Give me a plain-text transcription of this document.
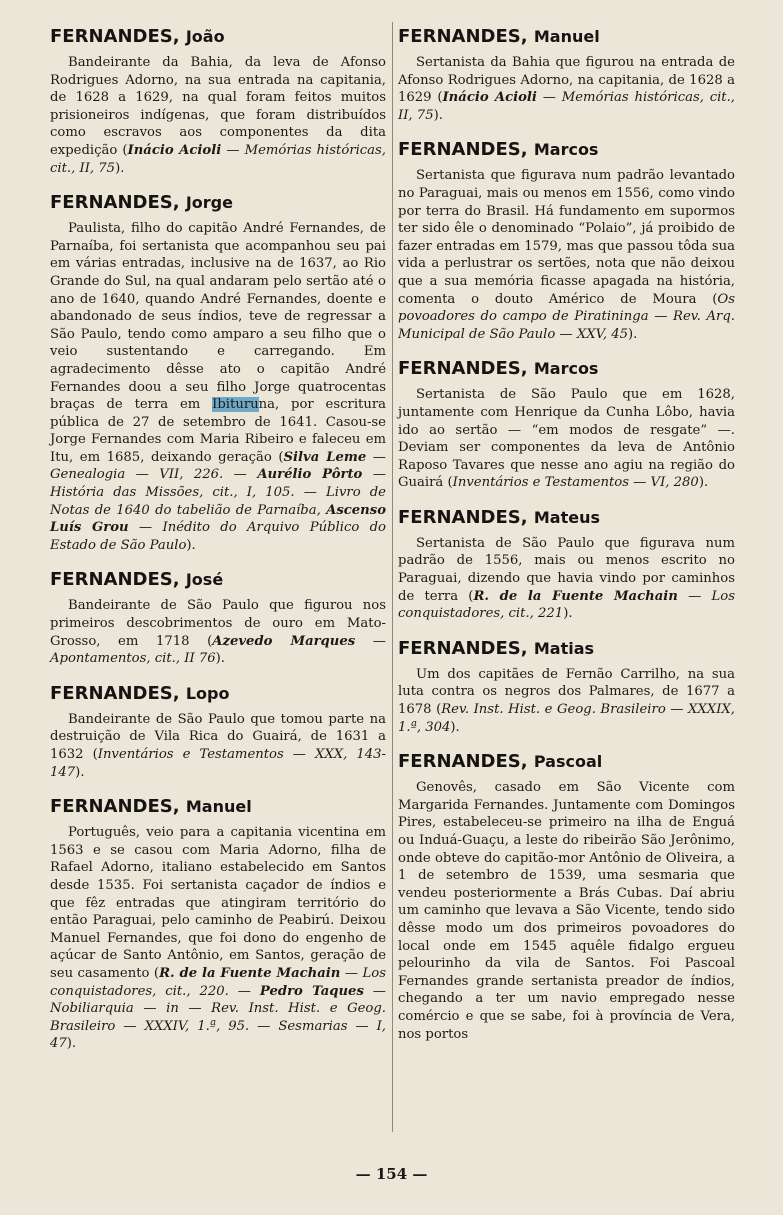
FERNANDES, João

Bandeirante da Bahia, da leva de Afonso Rodrigues Adorno, na sua entrada na capitania, de 1628 a 1629, na qual foram feitos muitos prisioneiros indígenas, que foram distribuídos como escravos aos componentes da dita expedição (Inácio Acioli — Memórias históricas, cit., II, 75).

FERNANDES, Jorge

Paulista, filho do capitão André Fernandes, de Parnaíba, foi sertanista que acompanhou seu pai em várias entradas, inclusive na de 1637, ao Rio Grande do Sul, na qual andaram pelo sertão até o ano de 1640, quando André Fernandes, doente e abandonado de seus índios, teve de regressar a São Paulo, tendo como amparo a seu filho que o veio sustentando e carregando. Em agradecimento dêsse ato o capitão André Fernandes doou a seu filho Jorge quatrocentas braças de terra em Ibituruna, por escritura pública de 27 de setembro de 1641. Casou-se Jorge Fernandes com Maria Ribeiro e faleceu em Itu, em 1685, deixando geração (Silva Leme — Genealogia — VII, 226. — Aurélio Pôrto — História das Missões, cit., I, 105. — Livro de Notas de 1640 do tabelião de Parnaíba, Ascenso Luís Grou — Inédito do Arquivo Público do Estado de São Paulo).

FERNANDES, José

Bandeirante de São Paulo que figurou nos primeiros descobrimentos de ouro em Mato-Grosso, em 1718 (Azevedo Marques — Apontamentos, cit., II 76).

FERNANDES, Lopo

Bandeirante de São Paulo que tomou parte na destruição de Vila Rica do Guairá, de 1631 a 1632 (Inventários e Testamentos — XXX, 143-147).

FERNANDES, Manuel

Português, veio para a capitania vicentina em 1563 e se casou com Maria Adorno, filha de Rafael Adorno, italiano estabelecido em Santos desde 1535. Foi sertanista caçador de índios e que fêz entradas que atingiram território do então Paraguai, pelo caminho de Peabirú. Deixou Manuel Fernandes, que foi dono do engenho de açúcar de Santo Antônio, em Santos, geração de seu casamento (R. de la Fuente Machain — Los conquistadores, cit., 220. — Pedro Taques — Nobiliarquia — in — Rev. Inst. Hist. e Geog. Brasileiro — XXXIV, 1.ª, 95. — Sesmarias — I, 47).

FERNANDES, Manuel

Sertanista da Bahia que figurou na entrada de Afonso Rodrigues Adorno, na capitania, de 1628 a 1629 (Inácio Acioli — Memórias históricas, cit., II, 75).

FERNANDES, Marcos

Sertanista que figurava num padrão levantado no Paraguai, mais ou menos em 1556, como vindo por terra do Brasil. Há fundamento em supormos ter sido êle o denominado “Polaio”, já proibido de fazer entradas em 1579, mas que passou tôda sua vida a perlustrar os sertões, nota que não deixou que a sua memória ficasse apagada na história, comenta o douto Américo de Moura (Os povoadores do campo de Piratininga — Rev. Arq. Municipal de São Paulo — XXV, 45).

FERNANDES, Marcos

Sertanista de São Paulo que em 1628, juntamente com Henrique da Cunha Lôbo, havia ido ao sertão — “em modos de resgate” —. Deviam ser componentes da leva de Antônio Raposo Tavares que nesse ano agiu na região do Guairá (Inventários e Testamentos — VI, 280).

FERNANDES, Mateus

Sertanista de São Paulo que figurava num padrão de 1556, mais ou menos escrito no Paraguai, dizendo que havia vindo por caminhos de terra (R. de la Fuente Machain — Los conquistadores, cit., 221).

FERNANDES, Matias

Um dos capitães de Fernão Carrilho, na sua luta contra os negros dos Palmares, de 1677 a 1678 (Rev. Inst. Hist. e Geog. Brasileiro — XXXIX, 1.ª, 304).

FERNANDES, Pascoal

Genovês, casado em São Vicente com Margarida Fernandes. Juntamente com Domingos Pires, estabeleceu-se primeiro na ilha de Enguá ou Induá-Guaçu, a leste do ribeirão São Jerônimo, onde obteve do capitão-mor Antônio de Oliveira, a 1 de setembro de 1539, uma sesmaria que vendeu posteriormente a Brás Cubas. Daí abriu um caminho que levava a São Vicente, tendo sido dêsse modo um dos primeiros povoadores do local onde em 1545 aquêle fidalgo ergueu pelourinho da vila de Santos. Foi Pascoal Fernandes grande sertanista preador de índios, chegando a ter um navio empregado nesse comércio e que se sabe, foi à província de Vera, nos portos

— 154 —
